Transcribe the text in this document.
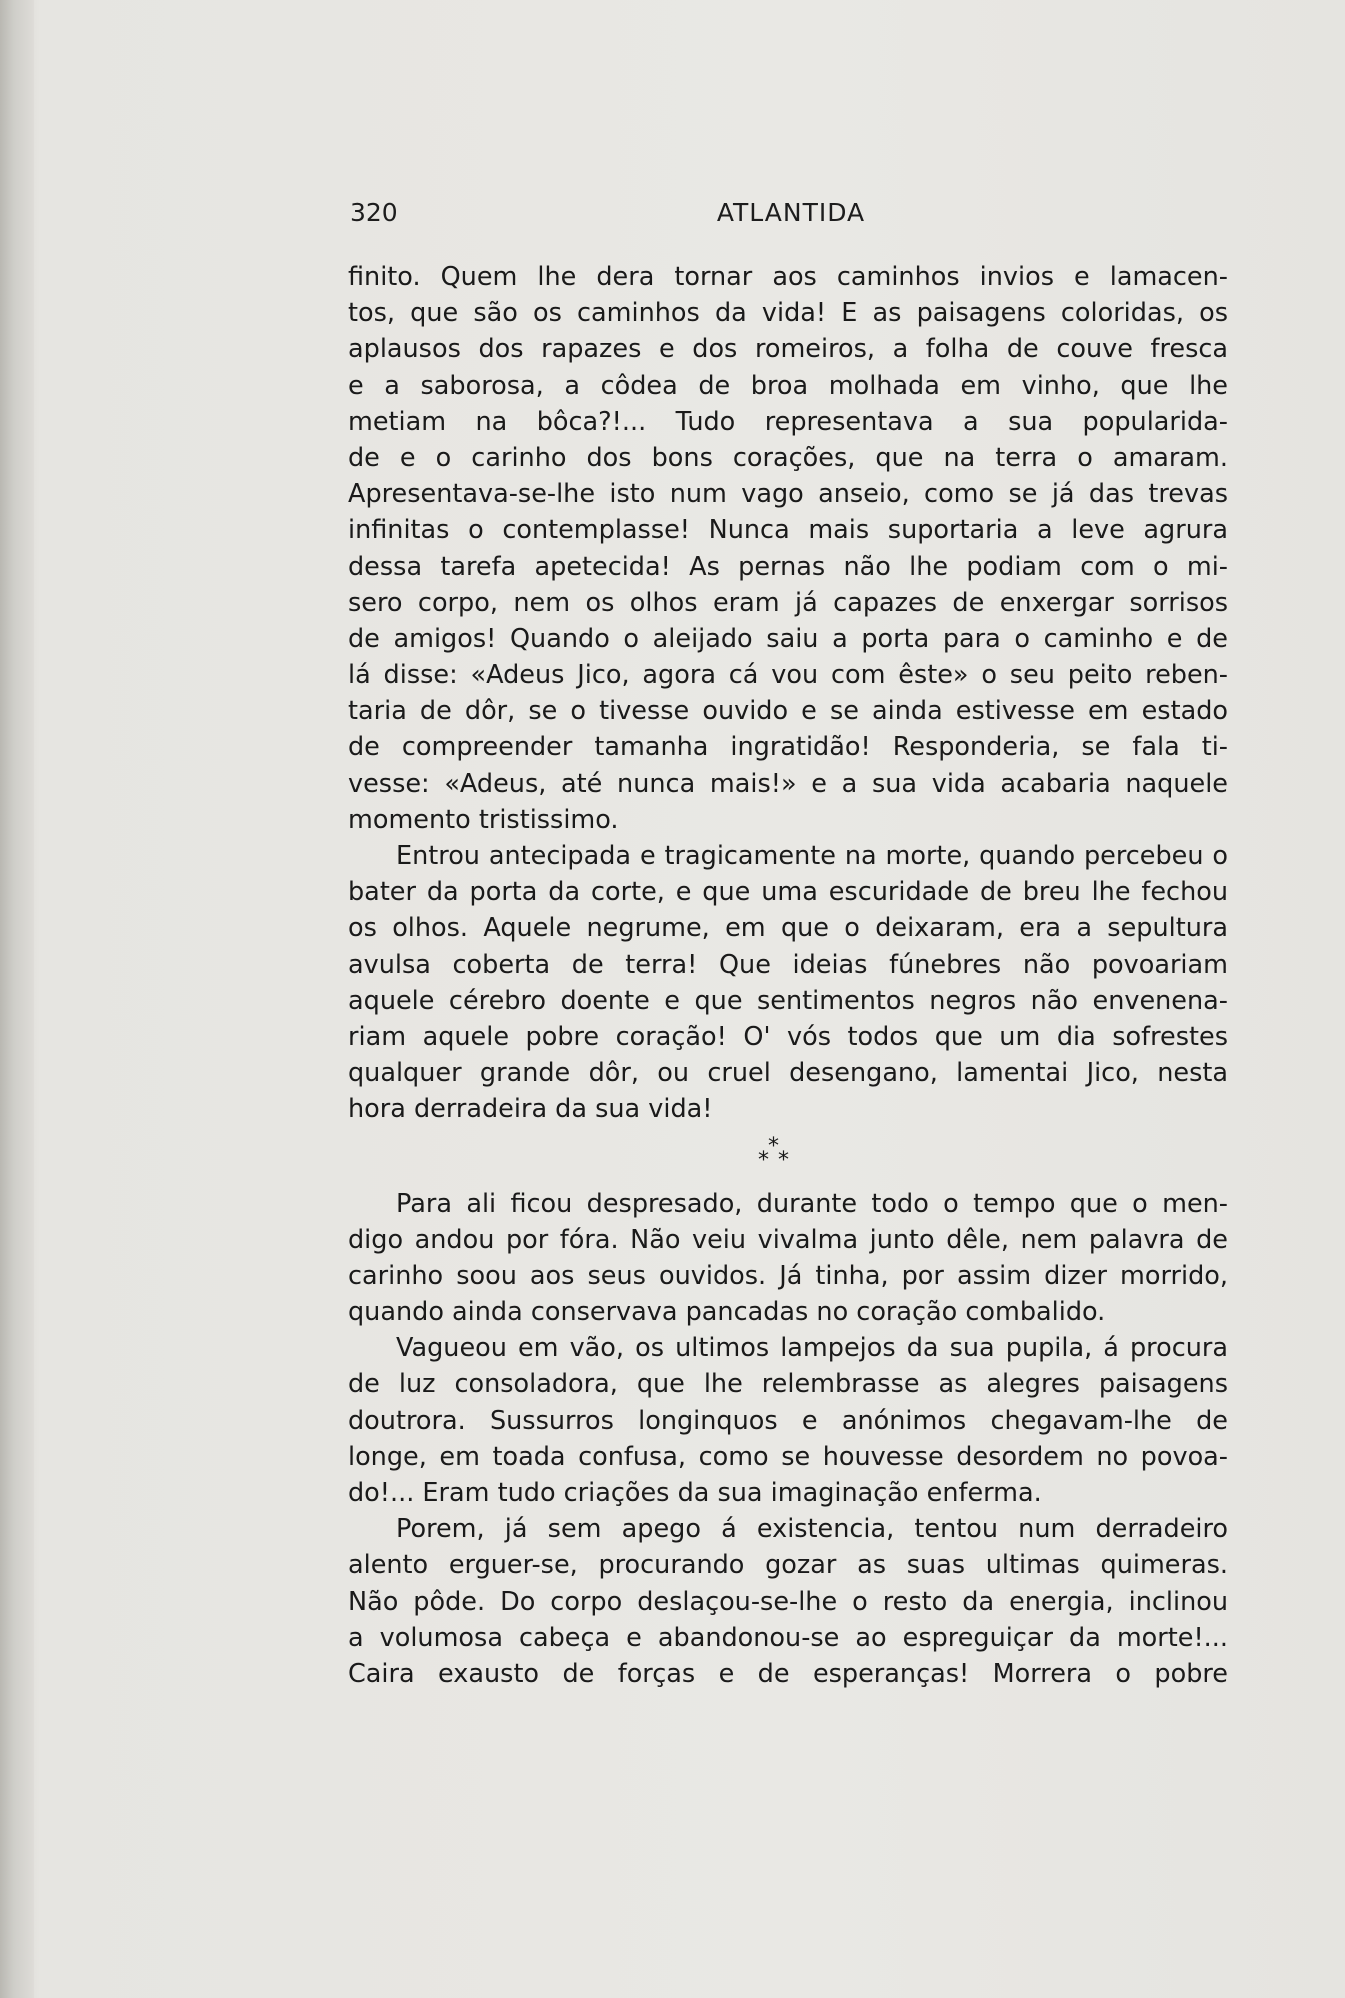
320	ATLANTIDA
finito. Quem lhe dera tornar aos caminhos invios e lamacen-
tos, que são os caminhos da vida! E as paisagens coloridas, os
aplausos dos rapazes e dos romeiros, a folha de couve fresca
e a saborosa, a côdea de broa molhada em vinho, que lhe
metiam na bôca?!... Tudo representava a sua popularida-
de e o carinho dos bons corações, que na terra o amaram.
Apresentava-se-lhe isto num vago anseio, como se já das trevas
infinitas o contemplasse! Nunca mais suportaria a leve agrura
dessa tarefa apetecida! As pernas não lhe podiam com o mi-
sero corpo, nem os olhos eram já capazes de enxergar sorrisos
de amigos! Quando o aleijado saiu a porta para o caminho e de
lá disse: «Adeus Jico, agora cá vou com êste» o seu peito reben-
taria de dôr, se o tivesse ouvido e se ainda estivesse em estado
de compreender tamanha ingratidão! Responderia, se fala ti-
vesse: «Adeus, até nunca mais!» e a sua vida acabaria naquele
momento tristissimo.
Entrou antecipada e tragicamente na morte, quando percebeu o
bater da porta da corte, e que uma escuridade de breu lhe fechou
os olhos. Aquele negrume, em que o deixaram, era a sepultura
avulsa coberta de terra! Que ideias fúnebres não povoariam
aquele cérebro doente e que sentimentos negros não envenena-
riam aquele pobre coração! O' vós todos que um dia sofrestes
qualquer grande dôr, ou cruel desengano, lamentai Jico, nesta
hora derradeira da sua vida!
*
* *
Para ali ficou despresado, durante todo o tempo que o men-
digo andou por fóra. Não veiu vivalma junto dêle, nem palavra de
carinho soou aos seus ouvidos. Já tinha, por assim dizer morrido,
quando ainda conservava pancadas no coração combalido.
Vagueou em vão, os ultimos lampejos da sua pupila, á procura
de luz consoladora, que lhe relembrasse as alegres paisagens
doutrora. Sussurros longinquos e anónimos chegavam-lhe de
longe, em toada confusa, como se houvesse desordem no povoa-
do!... Eram tudo criações da sua imaginação enferma.
Porem, já sem apego á existencia, tentou num derradeiro
alento erguer-se, procurando gozar as suas ultimas quimeras.
Não pôde. Do corpo deslaçou-se-lhe o resto da energia, inclinou
a volumosa cabeça e abandonou-se ao espreguiçar da morte!...
Caira exausto de forças e de esperanças! Morrera o pobre
